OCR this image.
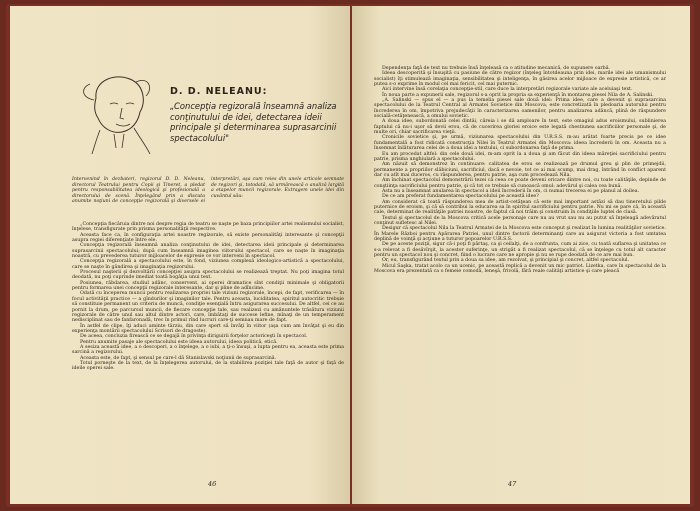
D. D. NELEANU:
„Concepţia regizorală înseamnă analiza conţinutului de idei, detectarea ideii principale şi determinarea suprasarcinii spectacolului"
Intervenind în dezbateri, regizorul D. D. Neleanu, directorul Teatrului pentru Copii şi Tineret, a pledat pentru responsabilitatea ideologică şi profesională a directorului de scenă. Înţelegând prin a discuta anumite noţiuni de concepţie regizorală şi diversele ei interpretări, aşa cum reies din unele articole semnate de regizori şi, totodată, să urmărească o analiză largită a etapelor muncii regizorale. Extragem unele idei din cuvântul său:

„Concepţia fiecăruia dintre noi despre regia de teatru se naşte pe baza principiilor artei realismului socialist, înţelese, transfigurate prin prisma personalităţii respective.

Aceasta face ca, în configuraţia artei noastre regizorale, să existe personalităţi interesante şi concepţii asupra regiei diferenţiate între ele.

Concepţia regizorală înseamnă analiza conţinutului de idei, detectarea ideii principale şi determinarea suprasarcinii spectacolului; după cum înseamnă imaginea viitorului spectacol, care se naşte în imaginaţia noastră, cu prevederea tuturor mijloacelor de expresie ce vor interveni în spectacol.

Concepţia regizorală a spectacolului este, în fond, viziunea complexă ideologico-artistică a spectacolului, care se naşte în gândirea şi imaginaţia regizorului.

Procesul naşterii şi dezvoltării concepţiei asupra spectacolului se realizează treptat. Nu poţi imagina totul deodată, nu poţi cuprinde imediat toată bogăţia unui text.

Posiunea, răbdarea, studiul adânc, conservent, ai operei dramatice sînt condiţii minimale şi obligatorii pentru formarea unei concepţii regizorale interesante, dar şi pline de adîncime.

Odată cu începerea muncii pentru realizarea propriei tale viziuni regizorale, începi, de fapt, verificarea — în focul activităţii practice — a gîndurilor şi imaginilor tale. Pentru aceasta, luciditatea, spiritul autocritic trebuie să constituie permanent un criteriu de muncă, condiţie esenţială întru asigurarea succesului. De altfel, cei ce au pornit la drum, pe parcursul muncii, de fiecare concepţie tale, sau realizezi cu amănuntele trăsătura viziunii regizorale de către unul sau altul dintre actori, care, îmbătaţi de succese lefine, mînaţi de un temperament nedisciplinat sau de fanfaronadă, trec în primul rînd lucruri care-ţi semnau mare de fapt.

În astfel de clipe, îţi aduci aminte târziu, din care spert să învăţi în viitor (aşa cum am învăţat şi eu din experienţa montării spectacolului Scrisori de dragoste).

De aceea, concluzia firească ce se degajă în privinţa diriguirii forţelor actoriceşti în spectacol.

Pentru anumite pasaje ale spectacolului este ideea autorului, ideea politică, etică.

A sesiza această idee, a o descoperi, a o înţelege, a o iubi, a ţi-o însuşi, a lupta pentru ea, aceasta este prima sarcină a regizorului.

Aceasta este, de fapt, şi sensul pe care-l dă Stanislavski noţiunii de suprasarcină.

Totul porneşte de la text, de la înţelegerea autorului, de la stabilirea poziţiei tale faţă de autor şi faţă de ideile operei sale.

46

Dependenţa faţă de text nu trebuie însă înţeleasă ca o atitudine mecanică, de supunere oarbă.

Ideea descoperită şi însuşită cu pasiune de către regizor (înţeleg întotdeauna prin idei, marile idei ale umanismului socialist) îţi stimulează imaginaţia, sensibilitatea şi inteligenţa, în găsirea acelor mijloace de expresie artistică, ce ar putea s-o exprime în modul cel mai fericit, cel mai puternic.

Aici intervine însă corelaţia concepţie-stil, care duce la interpretări regizorale variate ale aceluiaşi text.

În noua parte a expunerii sale, regizorul s-a oprit la propria sa experienţă în montarea piesei Nila de A. Salinski.

„A. Salinski — spus el — a pus la temelia piesei sale două idei: Prima idee, care a devenit şi suprasarcina spectacolului de la Teatrul Central al Armatei Sovietice din Moscova, este concretizată în pledoaria autorului pentru încrederea în om, împotriva prejudecăţii în caracterizarea oamenilor, pentru analizarea adâncă, plină de răspundere socială-cetăţenească, a omului sovietic.

A doua idee, subordonată celei dintâi, căreia i se dă amploare în text, este omagiul adus eroismului, sublinierea faptului că nu-i uşor să devii erou, că de cucerirea gloriei eroice este legată chestiunea sacrificiilor personale şi, de multe ori, chiar sacrificarea vieţii.

Cronicile sovietice şi, pe urmă, viziunarea spectacolului din U.R.S.S. m-au arătat foarte precis pe ce idee fundamentală a fost ridicată construcţia Nilei în Teatrul Armatei din Moscova: ideea încrederii în om. Aceasta nu a însemnat înlăturarea celei de a doua idei a textului, ci subordonarea faţă de prima.

Eu am procedat altfel: din cele două idei, m-am oprit la a doua şi am făcut din ideea măreţiei sacrificiului pentru patrie, prisma unghiulară a spectacolului.

Am năzuit să demonstrez în continuare: calitatea de erou se realizează pe drumul greu şi plin de primejdii, permanente a propriilor slăbiciuni, sacrificiul, dacă e nevoie, tot ce ai mai scump, mai drag, întrând în conflict aparent dar cu atît mai duceros, cu răspunderea, pentru patrie, aşa cum procedează Nila.

Am închinat spectacolul demonstrării tezei că ceea ce poate deveni oricare dintre noi, cu toate calităţile, depinde de conştiinţa sacrificiului pentru patrie, şi că tot ce trebuie să cunoască omul: adevărul şi calea cea bună.

Asta nu a înseamnat anularea în spectacol a ideii încrederii în om, ci numai trecerea ei pe planul al doilea.

De ce am preferat fundamentarea spectacolului pe această idee?

Am considerat că toată răspunderea mea de artist-cetăţean că este mai important astăzi să dau tineretului pilde puternice de eroism, şi că să contribui la educarea sa în spiritul sacrificiului pentru patrie. Nu mi se pare că, în această cale, determinat de realităţile patriei noastre, de faptul că noi trăim şi construim în condiţiile luptei de clasă.

Textul şi spectacolul de la Moscova critică acele personaje care nu au vrut sau nu au putut să înţeleagă adevăratul conţinut sufletesc al Nilei.

Desigur că spectacolul Nila la Teatrul Armatei de la Moscova este conceput şi realizat în lumina realităţilor sovietice. În Marele Război pentru Apărarea Patriei, unul dintre factorii determinanţi care au asigurat victoria a fost umtatea deplină de voinţă şi acţiune a tuturor popoarelor U.R.S.S.

De pe aceste poziţii, sigur că-i poţi fi părtaş, ca şi ceilalţi, de a confrunta, cum ai zice, cu toată suflarea şi unitatea ce s-a relevat a fi desăvîrşit, la acestor suferinţe, un strigăt a fi realizat spectacolul, că se înţelege cu totul alt caracter pentru un spectacol nou şi concret, fiind o lucrare care ne apropie şi nu se rupe deodată de ce are mai bun.

Or, eu, transfigurând textul prin a doua sa idee, am rezolvat, şi principial şi concret, altfel spectacolul.

Micul Saşka, tratat acolo ca un ucenic, pe această replică a devenit un mic patriot. Lizetka, care în spectacolul de la Moscova era prezentată ca o femeie comodă, leneşă, frivolă, fără reale calităţi artistice şi care pleacă

47
